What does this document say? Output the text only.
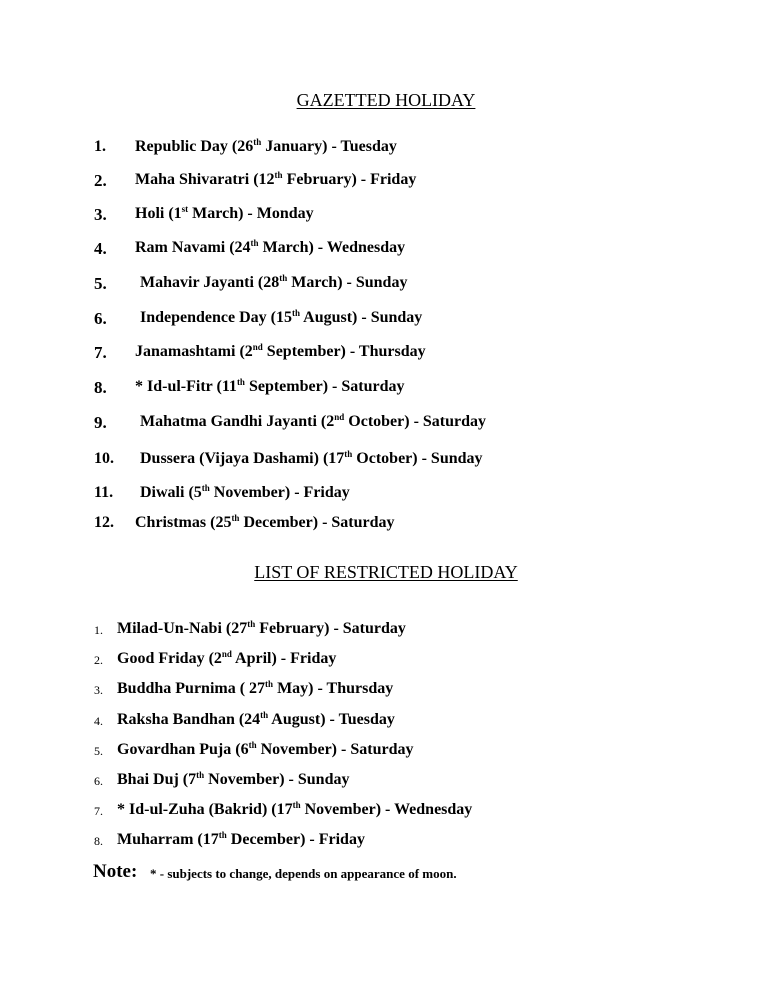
GAZETTED HOLIDAY
1. Republic Day (26th January) - Tuesday
2. Maha Shivaratri (12th February) - Friday
3. Holi (1st March) - Monday
4. Ram Navami (24th March) - Wednesday
5. Mahavir Jayanti (28th March) - Sunday
6. Independence Day (15th August) - Sunday
7. Janamashtami (2nd September) - Thursday
8. * Id-ul-Fitr (11th September) - Saturday
9. Mahatma Gandhi Jayanti (2nd October) - Saturday
10. Dussera (Vijaya Dashami) (17th October) - Sunday
11. Diwali (5th November) - Friday
12. Christmas (25th December) - Saturday
LIST OF RESTRICTED HOLIDAY
1. Milad-Un-Nabi (27th February) - Saturday
2. Good Friday (2nd April) - Friday
3. Buddha Purnima ( 27th May) - Thursday
4. Raksha Bandhan (24th August) - Tuesday
5. Govardhan Puja (6th November) - Saturday
6. Bhai Duj (7th November) - Sunday
7. * Id-ul-Zuha (Bakrid) (17th November) - Wednesday
8. Muharram (17th December) - Friday
Note: * - subjects to change, depends on appearance of moon.
